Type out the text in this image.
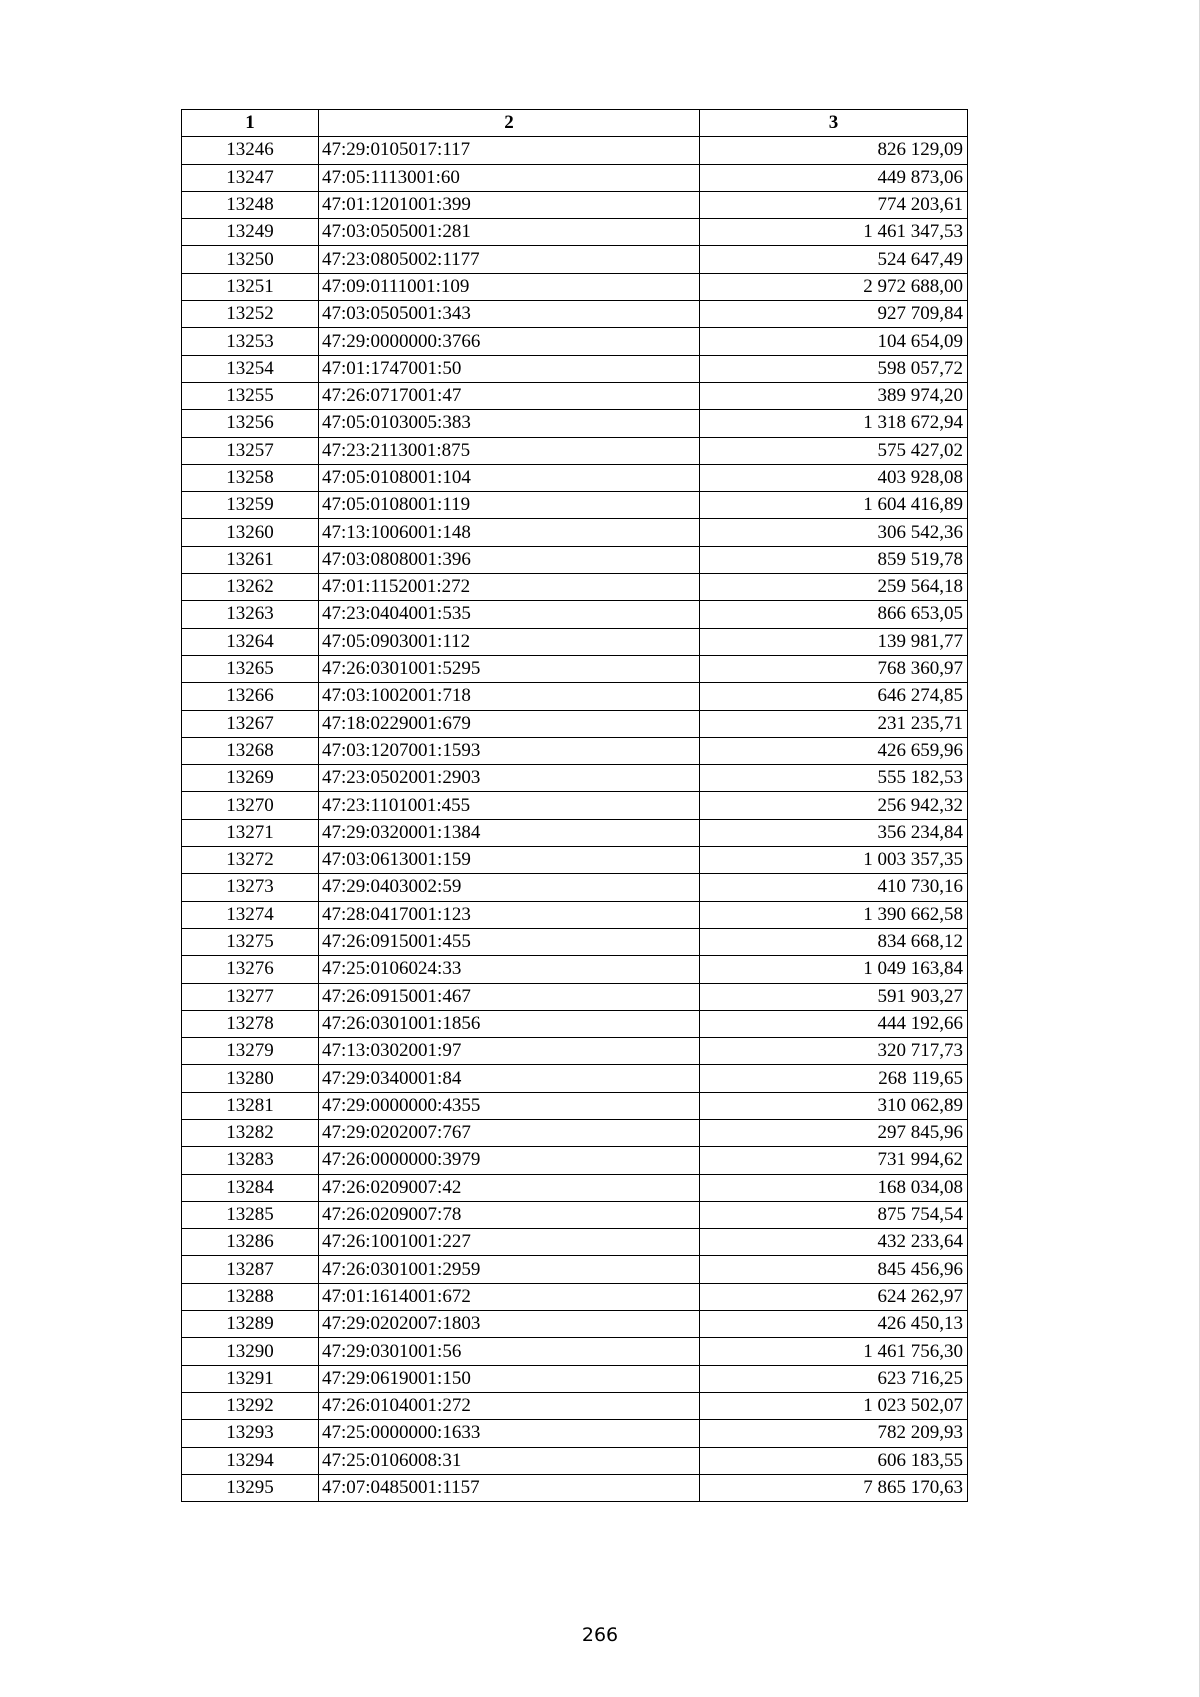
1	2	3
13246	47:29:0105017:117	826 129,09
13247	47:05:1113001:60	449 873,06
13248	47:01:1201001:399	774 203,61
13249	47:03:0505001:281	1 461 347,53
13250	47:23:0805002:1177	524 647,49
13251	47:09:0111001:109	2 972 688,00
13252	47:03:0505001:343	927 709,84
13253	47:29:0000000:3766	104 654,09
13254	47:01:1747001:50	598 057,72
13255	47:26:0717001:47	389 974,20
13256	47:05:0103005:383	1 318 672,94
13257	47:23:2113001:875	575 427,02
13258	47:05:0108001:104	403 928,08
13259	47:05:0108001:119	1 604 416,89
13260	47:13:1006001:148	306 542,36
13261	47:03:0808001:396	859 519,78
13262	47:01:1152001:272	259 564,18
13263	47:23:0404001:535	866 653,05
13264	47:05:0903001:112	139 981,77
13265	47:26:0301001:5295	768 360,97
13266	47:03:1002001:718	646 274,85
13267	47:18:0229001:679	231 235,71
13268	47:03:1207001:1593	426 659,96
13269	47:23:0502001:2903	555 182,53
13270	47:23:1101001:455	256 942,32
13271	47:29:0320001:1384	356 234,84
13272	47:03:0613001:159	1 003 357,35
13273	47:29:0403002:59	410 730,16
13274	47:28:0417001:123	1 390 662,58
13275	47:26:0915001:455	834 668,12
13276	47:25:0106024:33	1 049 163,84
13277	47:26:0915001:467	591 903,27
13278	47:26:0301001:1856	444 192,66
13279	47:13:0302001:97	320 717,73
13280	47:29:0340001:84	268 119,65
13281	47:29:0000000:4355	310 062,89
13282	47:29:0202007:767	297 845,96
13283	47:26:0000000:3979	731 994,62
13284	47:26:0209007:42	168 034,08
13285	47:26:0209007:78	875 754,54
13286	47:26:1001001:227	432 233,64
13287	47:26:0301001:2959	845 456,96
13288	47:01:1614001:672	624 262,97
13289	47:29:0202007:1803	426 450,13
13290	47:29:0301001:56	1 461 756,30
13291	47:29:0619001:150	623 716,25
13292	47:26:0104001:272	1 023 502,07
13293	47:25:0000000:1633	782 209,93
13294	47:25:0106008:31	606 183,55
13295	47:07:0485001:1157	7 865 170,63
266
